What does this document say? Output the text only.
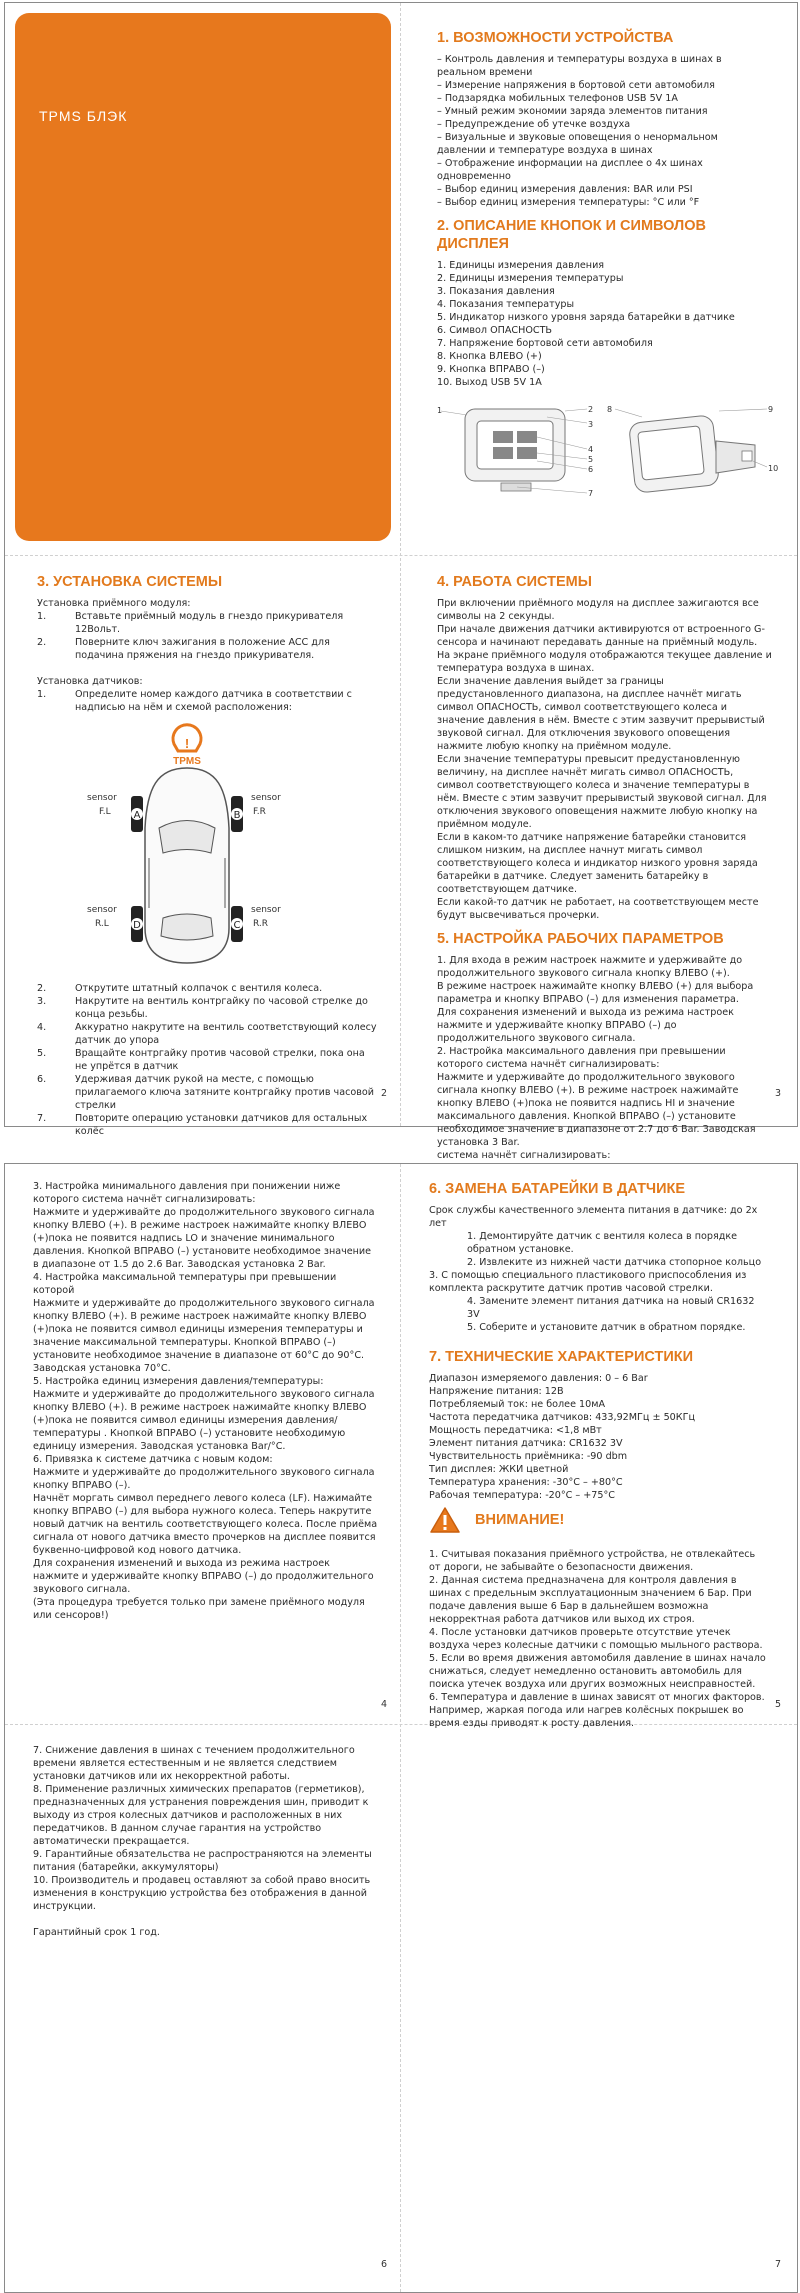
TPMS БЛЭК
1. ВОЗМОЖНОСТИ УСТРОЙСТВА

– Контроль давления и температуры воздуха в шинах в реальном времени

– Измерение напряжения в бортовой сети автомобиля

– Подзарядка мобильных телефонов USB 5V 1А

– Умный режим экономии заряда элементов питания

– Предупреждение об утечке воздуха

– Визуальные и звуковые оповещения о ненормальном давлении и температуре воздуха в шинах

– Отображение информации на дисплее о 4х шинах одновременно

– Выбор единиц измерения давления: BAR или PSI

– Выбор единиц измерения температуры: °С или °F

2. ОПИСАНИЕ КНОПОК И СИМВОЛОВ ДИСПЛЕЯ

1. Единицы измерения давления

2. Единицы измерения температуры

3. Показания давления

4. Показания температуры

5. Индикатор низкого уровня заряда батарейки в датчике

6. Символ ОПАСНОСТЬ

7. Напряжение бортовой сети автомобиля

8. Кнопка ВЛЕВО (+)

9. Кнопка ВПРАВО (–)

10. Выход USB 5V 1А

1	2 8
3
4
5
6
7
9
10
3. УСТАНОВКА СИСТЕМЫ

Установка приёмного модуля:

1.	Вставьте приёмный модуль в гнездо прикуривателя 12Вольт.
2.	Поверните ключ зажигания в положение ACC для подачина пряжения на гнездо прикуривателя.

Установка датчиков:

1.	Определите номер каждого датчика в соответствии с надписью на нём и схемой расположения:
!
TPMS
A	B
D	C
sensor
F.L
sensor
F.R
sensor
R.L
sensor
R.R
2.	Открутите штатный колпачок с вентиля колеса.
3.	Накрутите на вентиль контргайку по часовой стрелке до конца резьбы.
4.	Аккуратно накрутите на вентиль соответствующий колесу датчик до упора
5.	Вращайте контргайку против часовой стрелки, пока она не упрётся в датчик
6.	Удерживая датчик рукой на месте, с помощью прилагаемого ключа затяните контргайку против часовой стрелки
7.	Повторите операцию установки датчиков для остальных колёс
4. РАБОТА СИСТЕМЫ

При включении приёмного модуля на дисплее зажигаются все символы на 2 секунды.

При начале движения датчики активируются от встроенного G-сенсора и начинают передавать данные на приёмный модуль. На экране приёмного модуля отображаются текущее давление и температура воздуха в шинах.

Если значение давления выйдет за границы предустановленного диапазона, на дисплее начнёт мигать символ ОПАСНОСТЬ, символ соответствующего колеса и значение давления в нём. Вместе с этим зазвучит прерывистый звуковой сигнал. Для отключения звукового оповещения нажмите любую кнопку на приёмном модуле.

Если значение температуры превысит предустановленную величину, на дисплее начнёт мигать символ ОПАСНОСТЬ, символ соответствующего колеса и значение температуры в нём. Вместе с этим зазвучит прерывистый звуковой сигнал. Для отключения звукового оповещения нажмите любую кнопку на приёмном модуле.

Если в каком-то датчике напряжение батарейки становится слишком низким, на дисплее начнут мигать символ соответствующего колеса и индикатор низкого уровня заряда батарейки в датчике. Следует заменить батарейку в соответствующем датчике.

Если какой-то датчик не работает, на соответствующем месте будут высвечиваться прочерки.

5. НАСТРОЙКА РАБОЧИХ ПАРАМЕТРОВ

1. Для входа в режим настроек нажмите и удерживайте до продолжительного звукового сигнала кнопку ВЛЕВО (+).

В режиме настроек нажимайте кнопку ВЛЕВО (+) для выбора параметра и кнопку ВПРАВО (–) для изменения параметра.

Для сохранения изменений и выхода из режима настроек нажмите и удерживайте кнопку ВПРАВО (–) до продолжительного звукового сигнала.

2. Настройка максимального давления при превышении которого система начнёт сигнализировать:

Нажмите и удерживайте до продолжительного звукового сигнала кнопку ВЛЕВО (+). В режиме настроек нажимайте кнопку ВЛЕВО (+)пока не появится надпись HI и значение максимального давления. Кнопкой ВПРАВО (–) установите необходимое значение в диапазоне от 2.7 до 6 Ваr. Заводская установка 3 Ваr.

система начнёт сигнализировать:

2	3

3. Настройка минимального давления при понижении ниже которого система начнёт сигнализировать:

Нажмите и удерживайте до продолжительного звукового сигнала кнопку ВЛЕВО (+). В режиме настроек нажимайте кнопку ВЛЕВО (+)пока не появится надпись LO и значение минимального давления. Кнопкой ВПРАВО (–) установите необходимое значение в диапазоне от 1.5 до 2.6 Ваr. Заводская установка 2 Ваr.

4. Настройка максимальной температуры при превышении которой

Нажмите и удерживайте до продолжительного звукового сигнала кнопку ВЛЕВО (+). В режиме настроек нажимайте кнопку ВЛЕВО (+)пока не появится символ единицы измерения температуры и значение максимальной температуры. Кнопкой ВПРАВО (–) установите необходимое значение в диапазоне от 60°С до 90°С. Заводская установка 70°С.

5. Настройка единиц измерения давления/температуры:

Нажмите и удерживайте до продолжительного звукового сигнала кнопку ВЛЕВО (+). В режиме настроек нажимайте кнопку ВЛЕВО (+)пока не появится символ единицы измерения давления/температуры . Кнопкой ВПРАВО (–) установите необходимую единицу измерения. Заводская установка Ваr/°С.

6. Привязка к системе датчика с новым кодом:

Нажмите и удерживайте до продолжительного звукового сигнала кнопку ВПРАВО (–).

Начнёт моргать символ переднего левого колеса (LF). Нажимайте кнопку ВПРАВО (–) для выбора нужного колеса. Теперь накрутите новый датчик на вентиль соответствующего колеса. После приёма сигнала от нового датчика вместо прочерков на дисплее появится буквенно-цифровой код нового датчика.

Для сохранения изменений и выхода из режима настроек нажмите и удерживайте кнопку ВПРАВО (–) до продолжительного звукового сигнала.

(Эта процедура требуется только при замене приёмного модуля или сенсоров!)

6. ЗАМЕНА БАТАРЕЙКИ В ДАТЧИКЕ

Срок службы качественного элемента питания в датчике: до 2х лет

1. Демонтируйте датчик с вентиля колеса в порядке обратном установке.

2. Извлеките из нижней части датчика стопорное кольцо

3. С помощью специального пластикового приспособления из комплекта раскрутите датчик против часовой стрелки.

4. Замените элемент питания датчика на новый CR1632 3V

5. Соберите и установите датчик в обратном порядке.

7. ТЕХНИЧЕСКИЕ ХАРАКТЕРИСТИКИ

Диапазон измеряемого давления: 0 – 6 Ваr

Напряжение питания: 12В

Потребляемый ток: не более 10мА

Частота передатчика датчиков: 433,92МГц ± 50КГц

Мощность передатчика: <1,8 мВт

Элемент питания датчика: CR1632 3V

Чувствительность приёмника: -90 dbm

Тип дисплея: ЖКИ цветной

Температура хранения: -30°С – +80°С

Рабочая температура: -20°С – +75°С

ВНИМАНИЕ!

1. Считывая показания приёмного устройства, не отвлекайтесь от дороги, не забывайте о безопасности движения.

2. Данная система предназначена для контроля давления в шинах с предельным эксплуатационным значением 6 Бар. При подаче давления выше 6 Бар в дальнейшем возможна некорректная работа датчиков или выход их строя.

4. После установки датчиков проверьте отсутствие утечек воздуха через колесные датчики с помощью мыльного раствора.

5. Если во время движения автомобиля давление в шинах начало снижаться, следует немедленно остановить автомобиль для поиска утечек воздуха или других возможных неисправностей.

6. Температура и давление в шинах зависят от многих факторов. Например, жаркая погода или нагрев колёсных покрышек во время езды приводят к росту давления.

7. Снижение давления в шинах с течением продолжительного времени является естественным и не является следствием установки датчиков или их некорректной работы.

8. Применение различных химических препаратов (герметиков), предназначенных для устранения повреждения шин, приводит к выходу из строя колесных датчиков и расположенных в них передатчиков. В данном случае гарантия на устройство автоматически прекращается.

9. Гарантийные обязательства не распространяются на элементы питания (батарейки, аккумуляторы)

10. Производитель и продавец оставляют за собой право вносить изменения в конструкцию устройства без отображения в данной инструкции.

Гарантийный срок 1 год.

4	5
6	7
